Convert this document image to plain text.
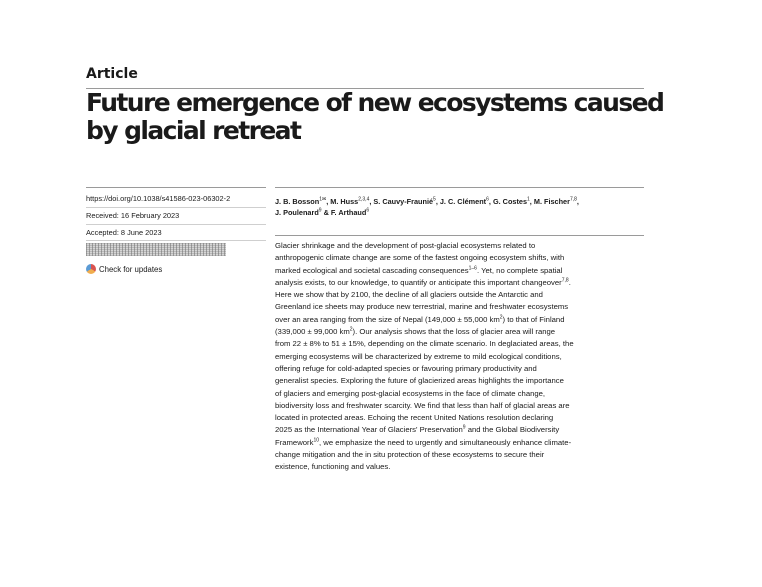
Article
Future emergence of new ecosystems caused
by glacial retreat
https://doi.org/10.1038/s41586-023-06302-2
Received: 16 February 2023
Accepted: 8 June 2023
Check for updates
J. B. Bosson$^{1✉}$, M. Huss$^{2,3,4}$, S. Cauvy-Fraunié$^5$, J. C. Clément$^6$, G. Costes$^1$, M. Fischer$^{7,8}$,
J. Poulenard$^9$ & F. Arthaud$^6$
Glacier shrinkage and the development of post-glacial ecosystems related to
anthropogenic climate change are some of the fastest ongoing ecosystem shifts, with
marked ecological and societal cascading consequences$^{1-6}$. Yet, no complete spatial
analysis exists, to our knowledge, to quantify or anticipate this important changeover$^{7,8}$.
Here we show that by 2100, the decline of all glaciers outside the Antarctic and
Greenland ice sheets may produce new terrestrial, marine and freshwater ecosystems
over an area ranging from the size of Nepal (149,000 ± 55,000 $km^2$) to that of Finland
(339,000 ± 99,000 $km^2$). Our analysis shows that the loss of glacier area will range
from 22 ± 8% to 51 ± 15%, depending on the climate scenario. In deglaciated areas, the
emerging ecosystems will be characterized by extreme to mild ecological conditions,
offering refuge for cold-adapted species or favouring primary productivity and
generalist species. Exploring the future of glacierized areas highlights the importance
of glaciers and emerging post-glacial ecosystems in the face of climate change,
biodiversity loss and freshwater scarcity. We find that less than half of glacial areas are
located in protected areas. Echoing the recent United Nations resolution declaring
2025 as the International Year of Glaciers' Preservation$^9$ and the Global Biodiversity
Framework$^{10}$, we emphasize the need to urgently and simultaneously enhance climate-
change mitigation and the in situ protection of these ecosystems to secure their
existence, functioning and values.
